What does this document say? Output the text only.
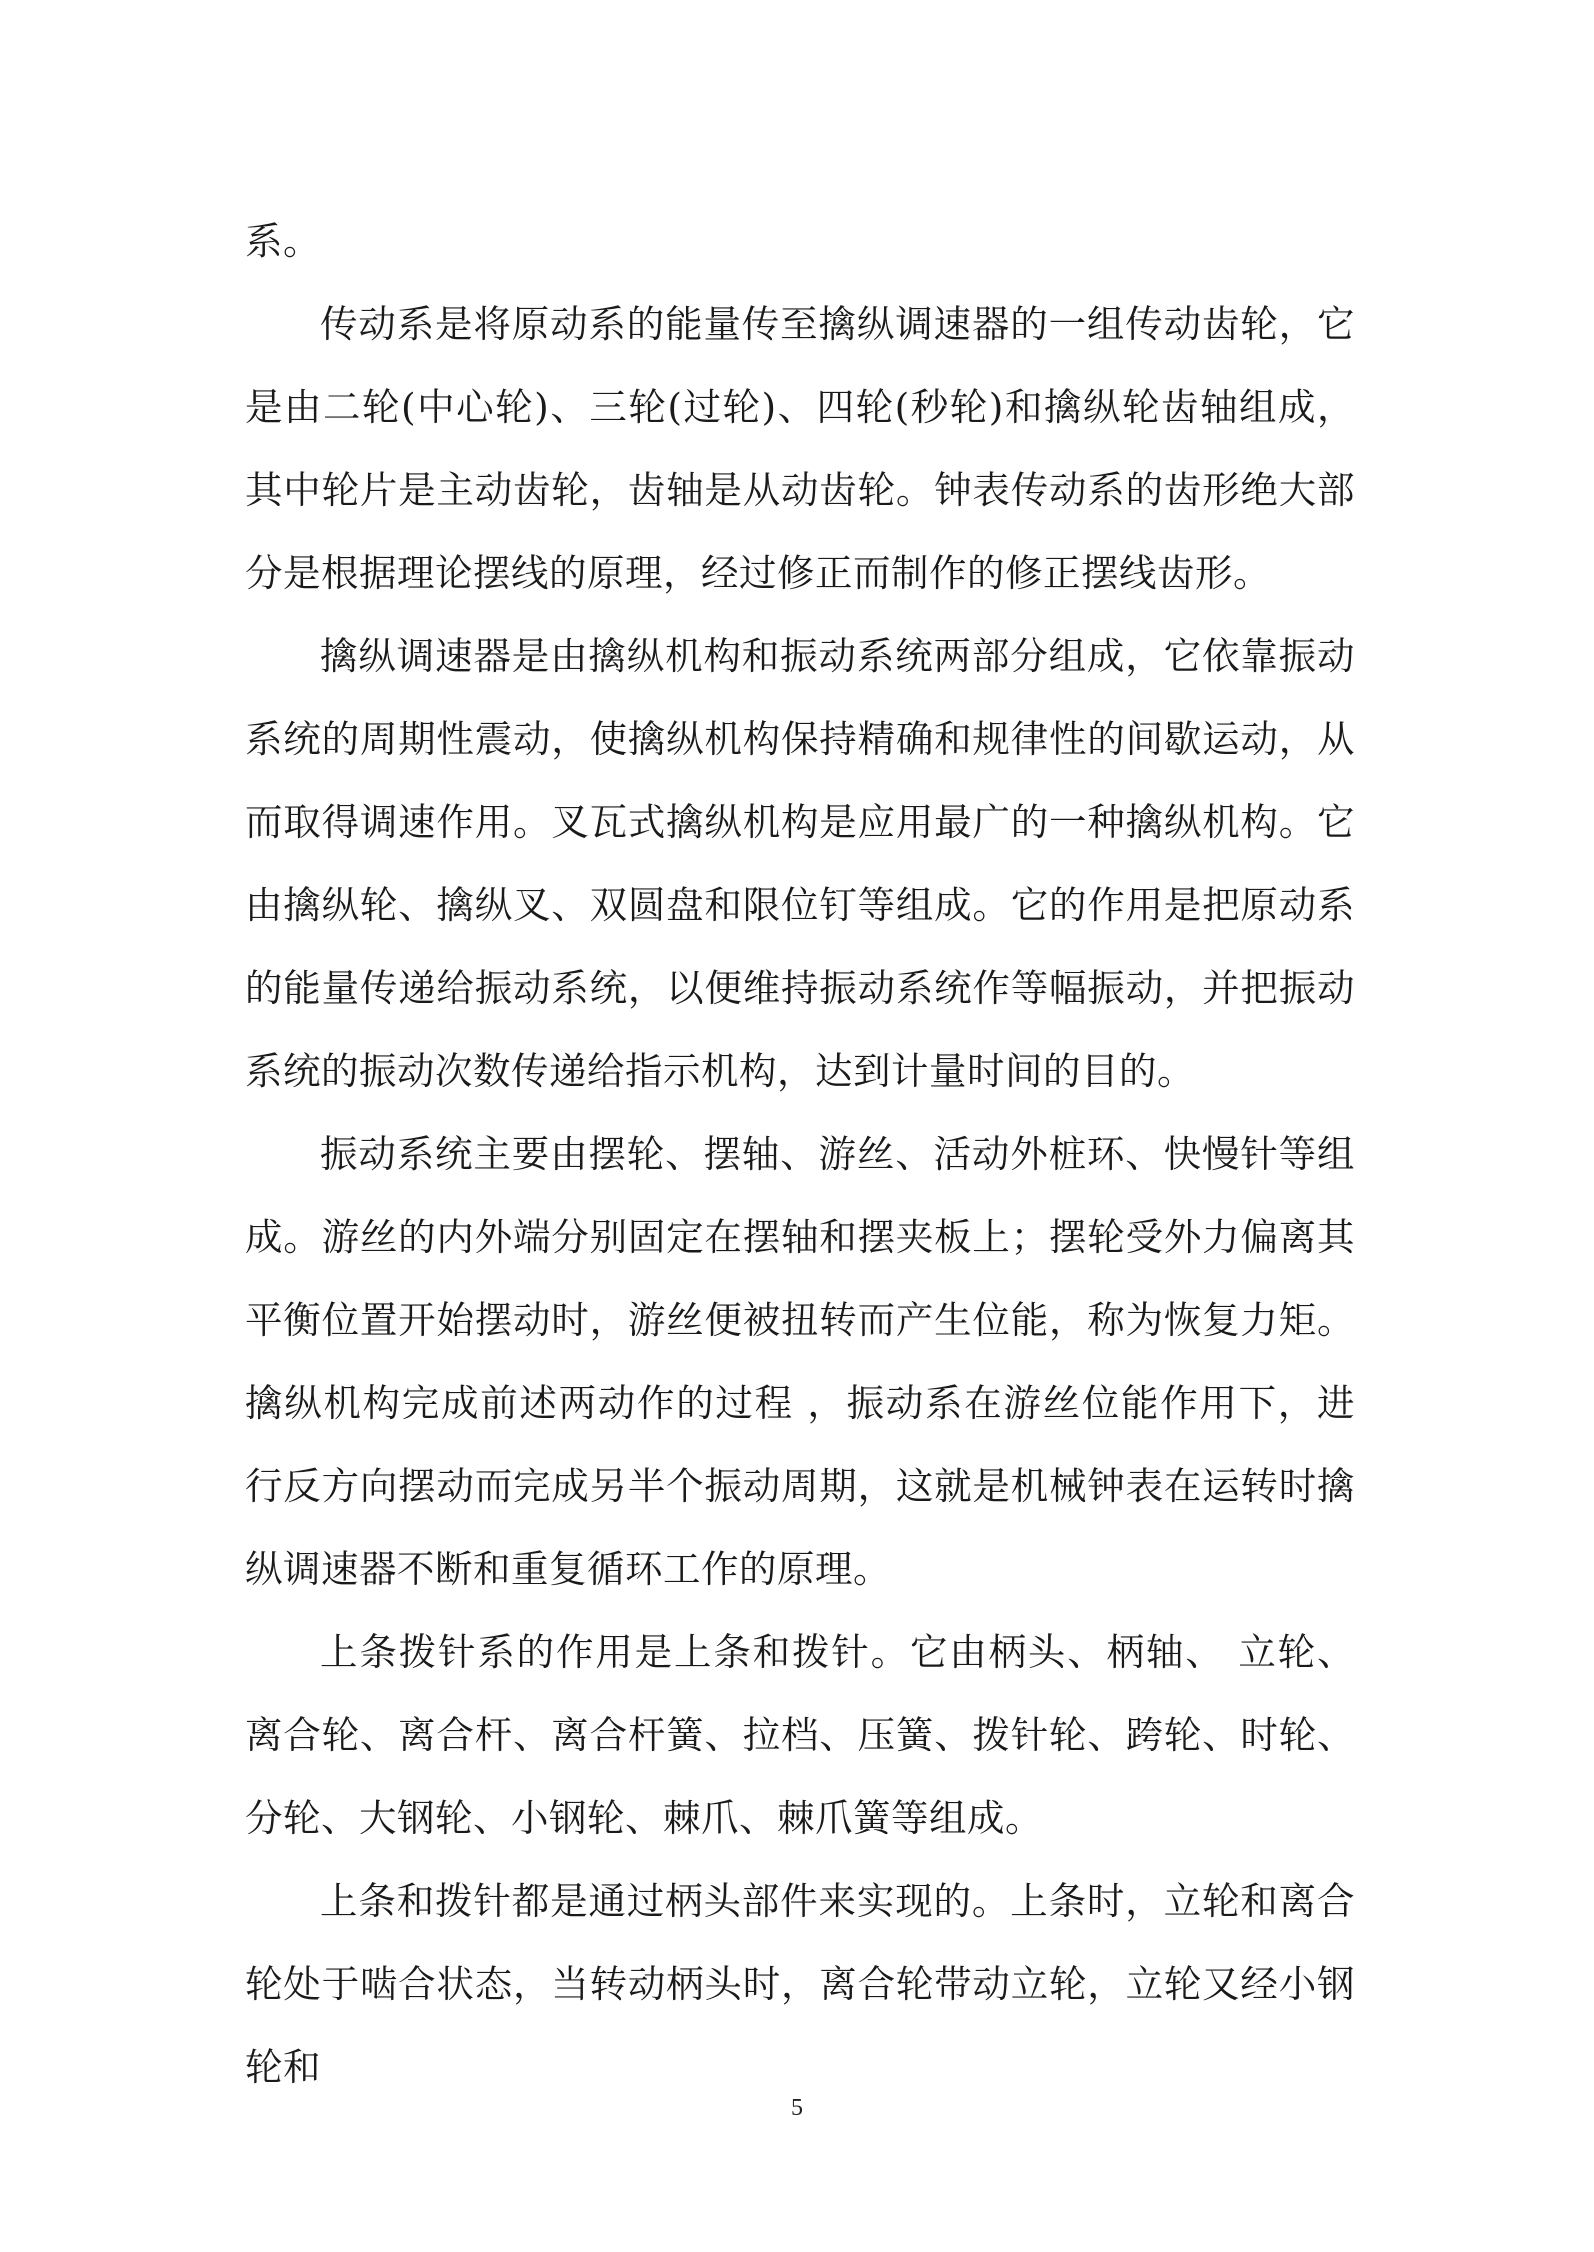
系。

传动系是将原动系的能量传至擒纵调速器的一组传动齿轮，它是由二轮(中心轮)、三轮(过轮)、四轮(秒轮)和擒纵轮齿轴组成，其中轮片是主动齿轮，齿轴是从动齿轮。钟表传动系的齿形绝大部分是根据理论摆线的原理，经过修正而制作的修正摆线齿形。

擒纵调速器是由擒纵机构和振动系统两部分组成，它依靠振动系统的周期性震动，使擒纵机构保持精确和规律性的间歇运动，从而取得调速作用。叉瓦式擒纵机构是应用最广的一种擒纵机构。它由擒纵轮、擒纵叉、双圆盘和限位钉等组成。它的作用是把原动系的能量传递给振动系统，以便维持振动系统作等幅振动，并把振动系统的振动次数传递给指示机构，达到计量时间的目的。

振动系统主要由摆轮、摆轴、游丝、活动外桩环、快慢针等组成。游丝的内外端分别固定在摆轴和摆夹板上；摆轮受外力偏离其平衡位置开始摆动时，游丝便被扭转而产生位能，称为恢复力矩。擒纵机构完成前述两动作的过程 ，振动系在游丝位能作用下，进行反方向摆动而完成另半个振动周期，这就是机械钟表在运转时擒纵调速器不断和重复循环工作的原理。

上条拨针系的作用是上条和拨针。它由柄头、柄轴、 立轮、离合轮、离合杆、离合杆簧、拉档、压簧、拨针轮、跨轮、时轮、分轮、大钢轮、小钢轮、棘爪、棘爪簧等组成。

上条和拨针都是通过柄头部件来实现的。上条时，立轮和离合轮处于啮合状态，当转动柄头时，离合轮带动立轮，立轮又经小钢轮和

5
